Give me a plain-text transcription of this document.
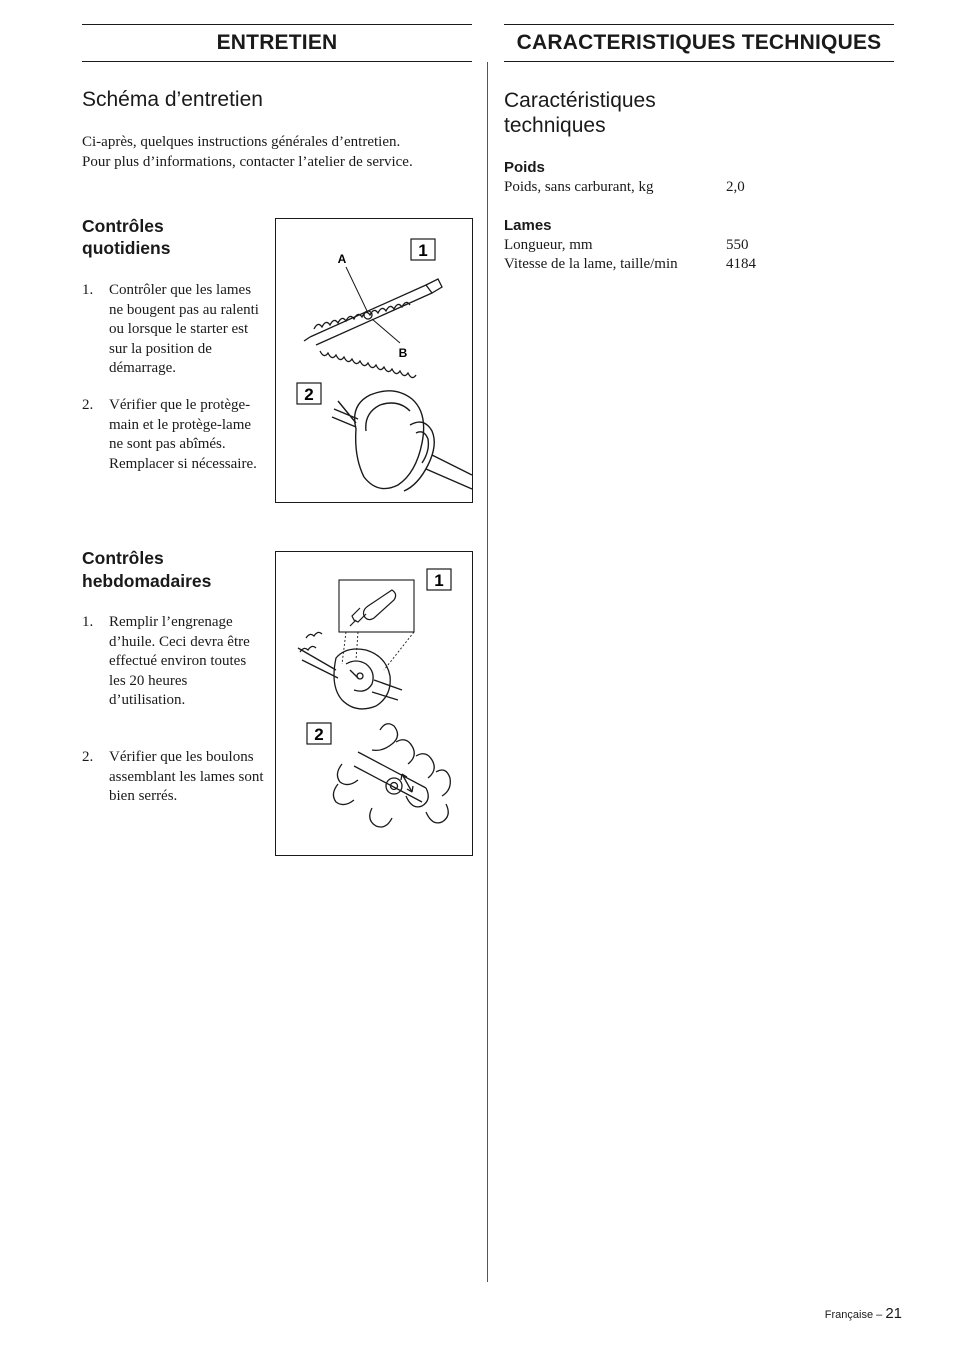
ENTRETIEN
Schéma d’entretien
Ci-après, quelques instructions générales d’entretien.
Pour plus d’informations, contacter l’atelier de service.
Contrôles
quotidiens
1. Contrôler que les lames
ne bougent pas au ralenti
ou lorsque le starter est
sur la position de
démarrage.
2. Vérifier que le protège-
main et le protège-lame
ne sont pas abîmés.
Remplacer si nécessaire.
1
A
B
2
Contrôles
hebdomadaires
1. Remplir l’engrenage
d’huile. Ceci devra être
effectué environ toutes
les 20 heures
d’utilisation.
2. Vérifier que les boulons
assemblant les lames sont
bien serrés.
1
2
CARACTERISTIQUES TECHNIQUES
Caractéristiques
techniques
Poids
Poids, sans carburant, kg	2,0
Lames
Longueur, mm	550
Vitesse de la lame, taille/min	4184
Française – 21
